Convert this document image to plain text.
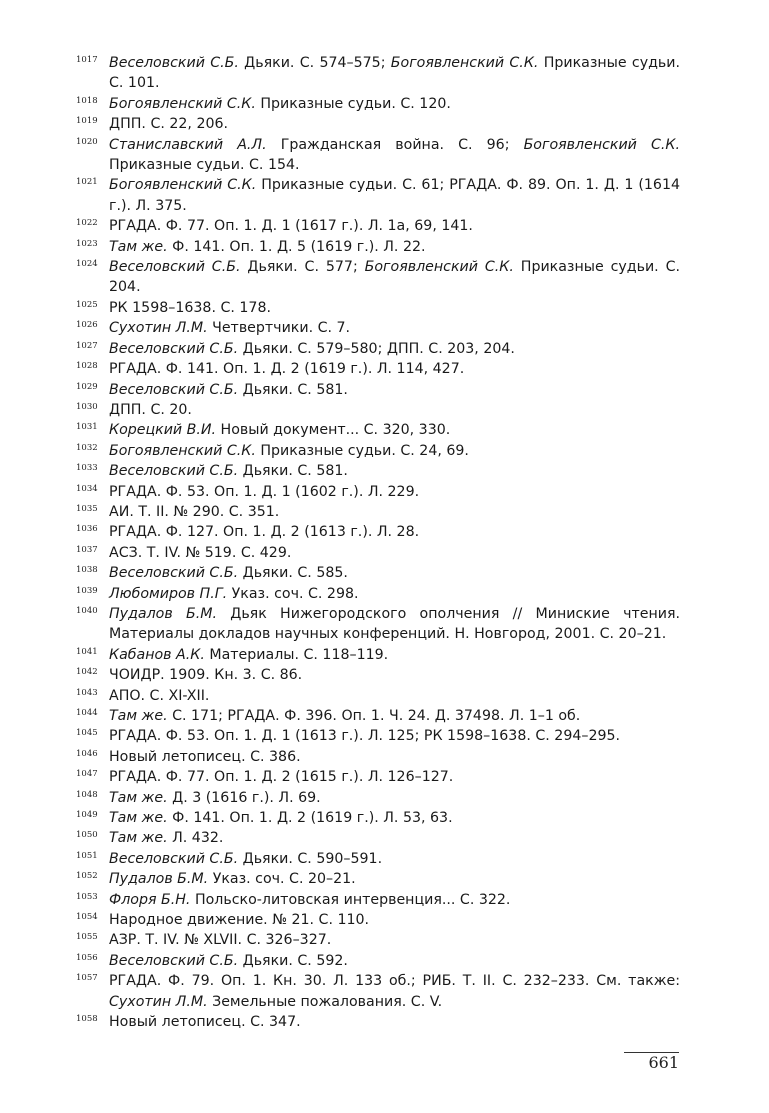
1017 Веселовский С.Б. Дьяки. С. 574–575; Богоявленский С.К. Приказные судьи. С. 101.
1018 Богоявленский С.К. Приказные судьи. С. 120.
1019 ДПП. С. 22, 206.
1020 Станиславский А.Л. Гражданская война. С. 96; Богоявленский С.К. Приказные судьи. С. 154.
1021 Богоявленский С.К. Приказные судьи. С. 61; РГАДА. Ф. 89. Оп. 1. Д. 1 (1614 г.). Л. 375.
1022 РГАДА. Ф. 77. Оп. 1. Д. 1 (1617 г.). Л. 1а, 69, 141.
1023 Там же. Ф. 141. Оп. 1. Д. 5 (1619 г.). Л. 22.
1024 Веселовский С.Б. Дьяки. С. 577; Богоявленский С.К. Приказные судьи. С. 204.
1025 РК 1598–1638. С. 178.
1026 Сухотин Л.М. Четвертчики. С. 7.
1027 Веселовский С.Б. Дьяки. С. 579–580; ДПП. С. 203, 204.
1028 РГАДА. Ф. 141. Оп. 1. Д. 2 (1619 г.). Л. 114, 427.
1029 Веселовский С.Б. Дьяки. С. 581.
1030 ДПП. С. 20.
1031 Корецкий В.И. Новый документ... С. 320, 330.
1032 Богоявленский С.К. Приказные судьи. С. 24, 69.
1033 Веселовский С.Б. Дьяки. С. 581.
1034 РГАДА. Ф. 53. Оп. 1. Д. 1 (1602 г.). Л. 229.
1035 АИ. Т. II. № 290. С. 351.
1036 РГАДА. Ф. 127. Оп. 1. Д. 2 (1613 г.). Л. 28.
1037 АСЗ. Т. IV. № 519. С. 429.
1038 Веселовский С.Б. Дьяки. С. 585.
1039 Любомиров П.Г. Указ. соч. С. 298.
1040 Пудалов Б.М. Дьяк Нижегородского ополчения // Миниские чтения. Материалы докладов научных конференций. Н. Новгород, 2001. С. 20–21.
1041 Кабанов А.К. Материалы. С. 118–119.
1042 ЧОИДР. 1909. Кн. 3. С. 86.
1043 АПО. С. XI-XII.
1044 Там же. С. 171; РГАДА. Ф. 396. Оп. 1. Ч. 24. Д. 37498. Л. 1–1 об.
1045 РГАДА. Ф. 53. Оп. 1. Д. 1 (1613 г.). Л. 125; РК 1598–1638. С. 294–295.
1046 Новый летописец. С. 386.
1047 РГАДА. Ф. 77. Оп. 1. Д. 2 (1615 г.). Л. 126–127.
1048 Там же. Д. 3 (1616 г.). Л. 69.
1049 Там же. Ф. 141. Оп. 1. Д. 2 (1619 г.). Л. 53, 63.
1050 Там же. Л. 432.
1051 Веселовский С.Б. Дьяки. С. 590–591.
1052 Пудалов Б.М. Указ. соч. С. 20–21.
1053 Флоря Б.Н. Польско-литовская интервенция... С. 322.
1054 Народное движение. № 21. С. 110.
1055 АЗР. Т. IV. № XLVII. С. 326–327.
1056 Веселовский С.Б. Дьяки. С. 592.
1057 РГАДА. Ф. 79. Оп. 1. Кн. 30. Л. 133 об.; РИБ. Т. II. С. 232–233. См. также: Сухотин Л.М. Земельные пожалования. С. V.
1058 Новый летописец. С. 347.
661
